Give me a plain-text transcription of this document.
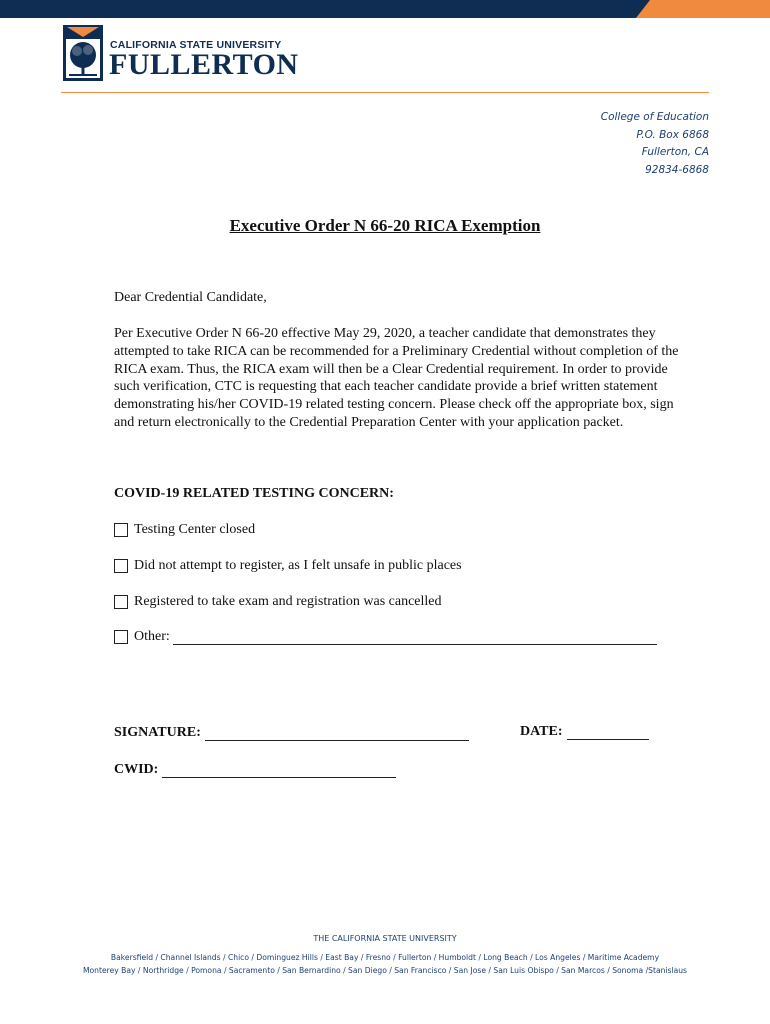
CALIFORNIA STATE UNIVERSITY
FULLERTON
College of Education
P.O. Box 6868
Fullerton, CA
92834-6868
Executive Order N 66-20 RICA Exemption
Dear Credential Candidate,
Per Executive Order N 66-20 effective May 29, 2020, a teacher candidate that demonstrates they attempted to take RICA can be recommended for a Preliminary Credential without completion of the RICA exam. Thus, the RICA exam will then be a Clear Credential requirement. In order to provide such verification, CTC is requesting that each teacher candidate provide a brief written statement demonstrating his/her COVID-19 related testing concern. Please check off the appropriate box, sign and return electronically to the Credential Preparation Center with your application packet.
COVID-19 RELATED TESTING CONCERN:
Testing Center closed
Did not attempt to register, as I felt unsafe in public places
Registered to take exam and registration was cancelled
Other:
SIGNATURE:	DATE:
CWID:
THE CALIFORNIA STATE UNIVERSITY
Bakersfield / Channel Islands / Chico / Dominguez Hills / East Bay / Fresno / Fullerton / Humboldt / Long Beach / Los Angeles / Maritime Academy
Monterey Bay / Northridge / Pomona / Sacramento / San Bernardino / San Diego / San Francisco / San Jose / San Luis Obispo / San Marcos / Sonoma /Stanislaus
